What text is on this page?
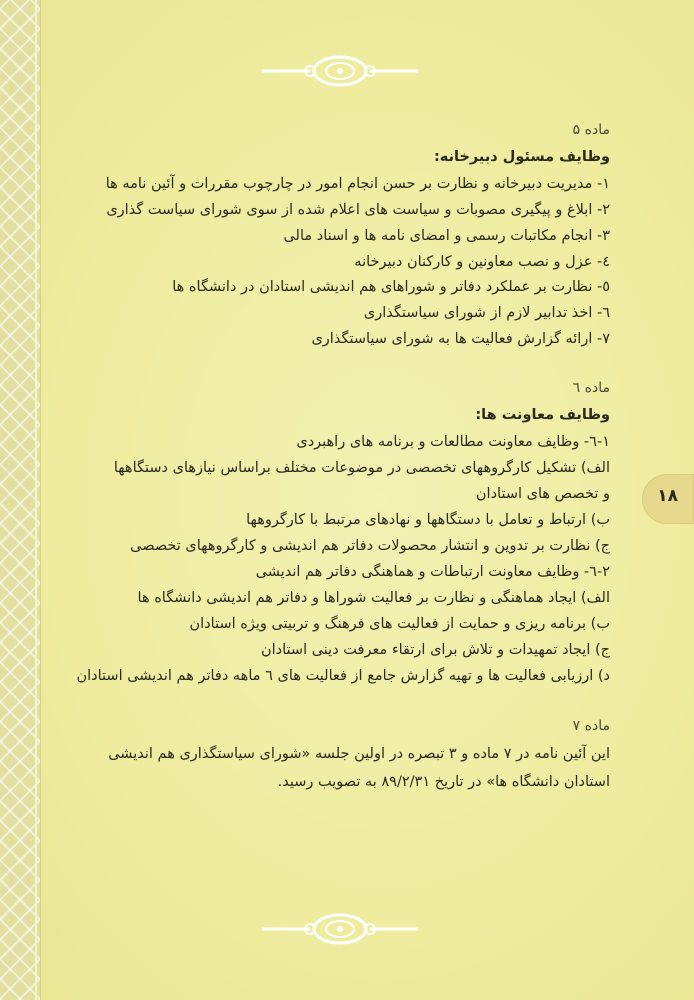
۱۸
ماده ۵
وظایف مسئول دبیرخانه:
۱- مدیریت دبیرخانه و نظارت بر حسن انجام امور در چارچوب مقررات و آئین نامه ها
۲- ابلاغ و پیگیری مصوبات و سیاست های اعلام شده از سوی شورای سیاست گذاری
۳- انجام مکاتبات رسمی و امضای نامه ها و اسناد مالی
٤- عزل و نصب معاونین و کارکنان دبیرخانه
٥- نظارت بر عملکرد دفاتر و شوراهای هم اندیشی استادان در دانشگاه ها
٦- اخذ تدابیر لازم از شورای سیاستگذاری
۷- ارائه گزارش فعالیت ها به شورای سیاستگذاری
ماده ٦
وظایف معاونت ها:
۱-٦- وظایف معاونت مطالعات و برنامه های راهبردی
الف) تشکیل کارگروههای تخصصی در موضوعات مختلف براساس نیازهای دستگاهها
و تخصص های استادان
ب) ارتباط و تعامل با دستگاهها و نهادهای مرتبط با کارگروهها
ج) نظارت بر تدوین و انتشار محصولات دفاتر هم اندیشی و کارگروههای تخصصی
۲-٦- وظایف معاونت ارتباطات و هماهنگی دفاتر هم اندیشی
الف) ایجاد هماهنگی و نظارت بر فعالیت شوراها و دفاتر هم اندیشی دانشگاه ها
ب) برنامه ریزی و حمایت از فعالیت های فرهنگ و تربیتی ویژه استادان
ج) ایجاد تمهیدات و تلاش برای ارتقاء معرفت دینی استادان
د) ارزیابی فعالیت ها و تهیه گزارش جامع از فعالیت های ٦ ماهه دفاتر هم اندیشی استادان
ماده ۷
این آئین نامه در ۷ ماده و ۳ تبصره در اولین جلسه «شورای سیاستگذاری هم اندیشی
استادان دانشگاه ها» در تاریخ ۸۹/۲/۳۱ به تصویب رسید.
